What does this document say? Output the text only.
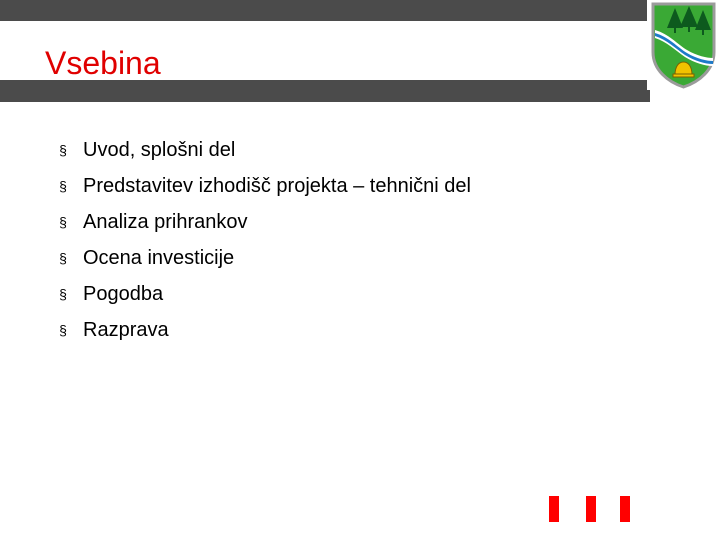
Vsebina
§ Uvod, splošni del
§ Predstavitev izhodišč projekta – tehnični del
§ Analiza prihrankov
§ Ocena investicije
§ Pogodba
§ Razprava
